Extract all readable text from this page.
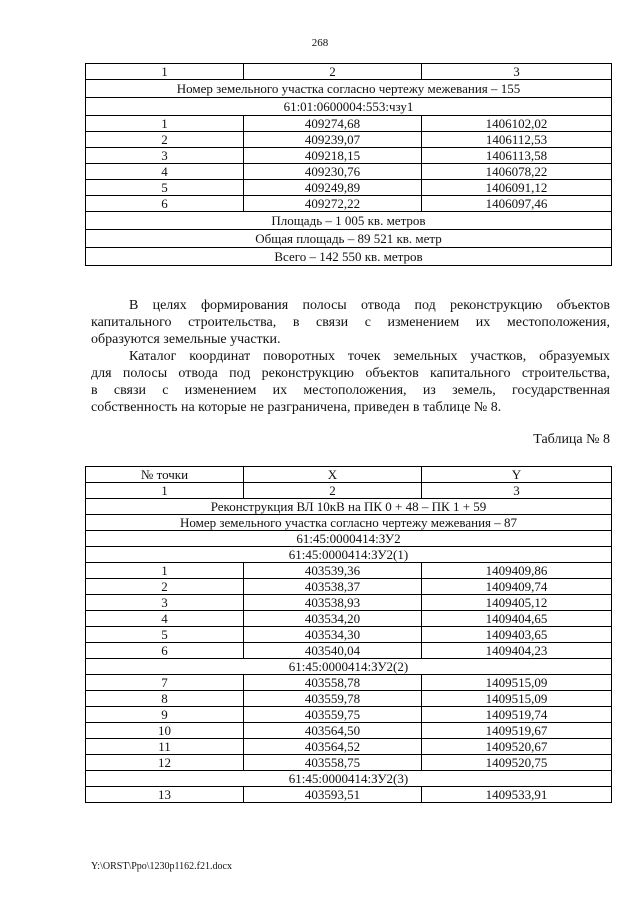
268
1	2	3
Номер земельного участка согласно чертежу межевания – 155		
61:01:0600004:553:чзу1		
1	409274,68	1406102,02
2	409239,07	1406112,53
3	409218,15	1406113,58
4	409230,76	1406078,22
5	409249,89	1406091,12
6	409272,22	1406097,46
Площадь – 1 005 кв. метров		
Общая площадь – 89 521 кв. метр		
Всего – 142 550 кв. метров		

В целях формирования полосы отвода под реконструкцию объектов
капитального строительства, в связи с изменением их местоположения,
образуются земельные участки.

Каталог координат поворотных точек земельных участков, образуемых
для полосы отвода под реконструкцию объектов капитального строительства,
в связи с изменением их местоположения, из земель, государственная
собственность на которые не разграничена, приведен в таблице № 8.

Таблица № 8
№ точки	X	Y
1	2	3
Реконструкция ВЛ 10кВ на ПК 0 + 48 – ПК 1 + 59		
Номер земельного участка согласно чертежу межевания – 87		
61:45:0000414:ЗУ2		
61:45:0000414:ЗУ2(1)		
1	403539,36	1409409,86
2	403538,37	1409409,74
3	403538,93	1409405,12
4	403534,20	1409404,65
5	403534,30	1409403,65
6	403540,04	1409404,23
61:45:0000414:ЗУ2(2)		
7	403558,78	1409515,09
8	403559,78	1409515,09
9	403559,75	1409519,74
10	403564,50	1409519,67
11	403564,52	1409520,67
12	403558,75	1409520,75
61:45:0000414:ЗУ2(3)		
13	403593,51	1409533,91
Y:\ORST\Ppo\1230p1162.f21.docx
